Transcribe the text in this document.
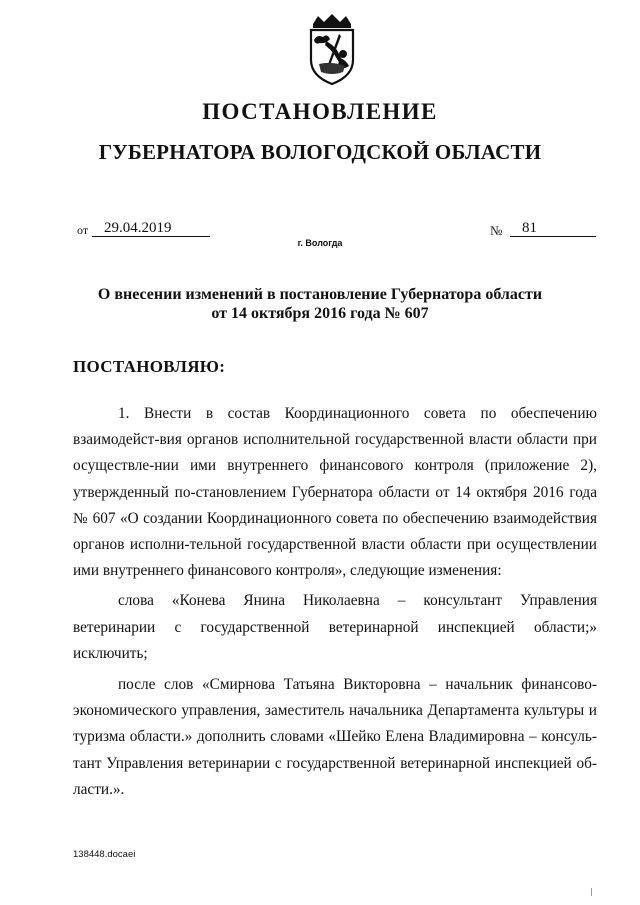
ПОСТАНОВЛЕНИЕ
ГУБЕРНАТОРА ВОЛОГОДСКОЙ ОБЛАСТИ
от	29.04.2019	№	81
г. Вологда
О внесении изменений в постановление Губернатора области
от 14 октября 2016 года № 607
ПОСТАНОВЛЯЮ:

1. Внести в состав Координационного совета по обеспечению взаимодейст-вия органов исполнительной государственной власти области при осуществле-нии ими внутреннего финансового контроля (приложение 2), утвержденный по-становлением Губернатора области от 14 октября 2016 года № 607 «О создании Координационного совета по обеспечению взаимодействия органов исполни-тельной государственной власти области при осуществлении ими внутреннего финансового контроля», следующие изменения:

слова «Конева Янина Николаевна – консультант Управления ветеринарии с государственной ветеринарной инспекцией области;» исключить;

после слов «Смирнова Татьяна Викторовна – начальник финансово-экономического управления, заместитель начальника Департамента культуры и туризма области.» дополнить словами «Шейко Елена Владимировна – консуль-тант Управления ветеринарии с государственной ветеринарной инспекцией об-ласти.».

138448.docaei
